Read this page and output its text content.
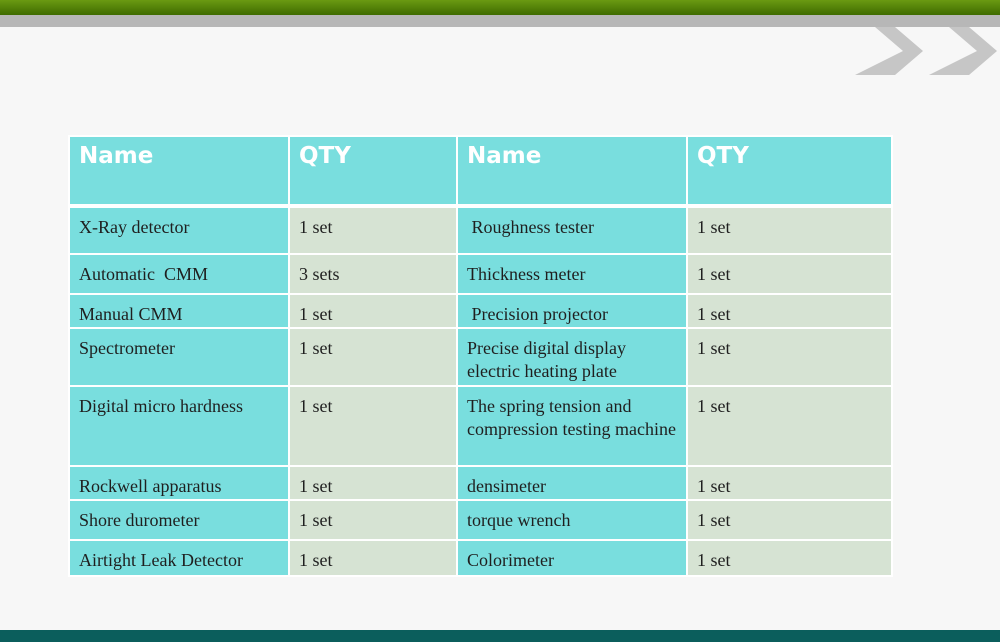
Name	QTY	Name	QTY
X-Ray detector	1 set	Roughness tester	1 set
Automatic  CMM	3 sets	Thickness meter	1 set
Manual CMM	1 set	Precision projector	1 set
Spectrometer	1 set	Precise digital display electric heating plate	1 set
Digital micro hardness	1 set	The spring tension and compression testing machine	1 set
Rockwell apparatus	1 set	densimeter	1 set
Shore durometer	1 set	torque wrench	1 set
Airtight Leak Detector	1 set	Colorimeter	1 set
